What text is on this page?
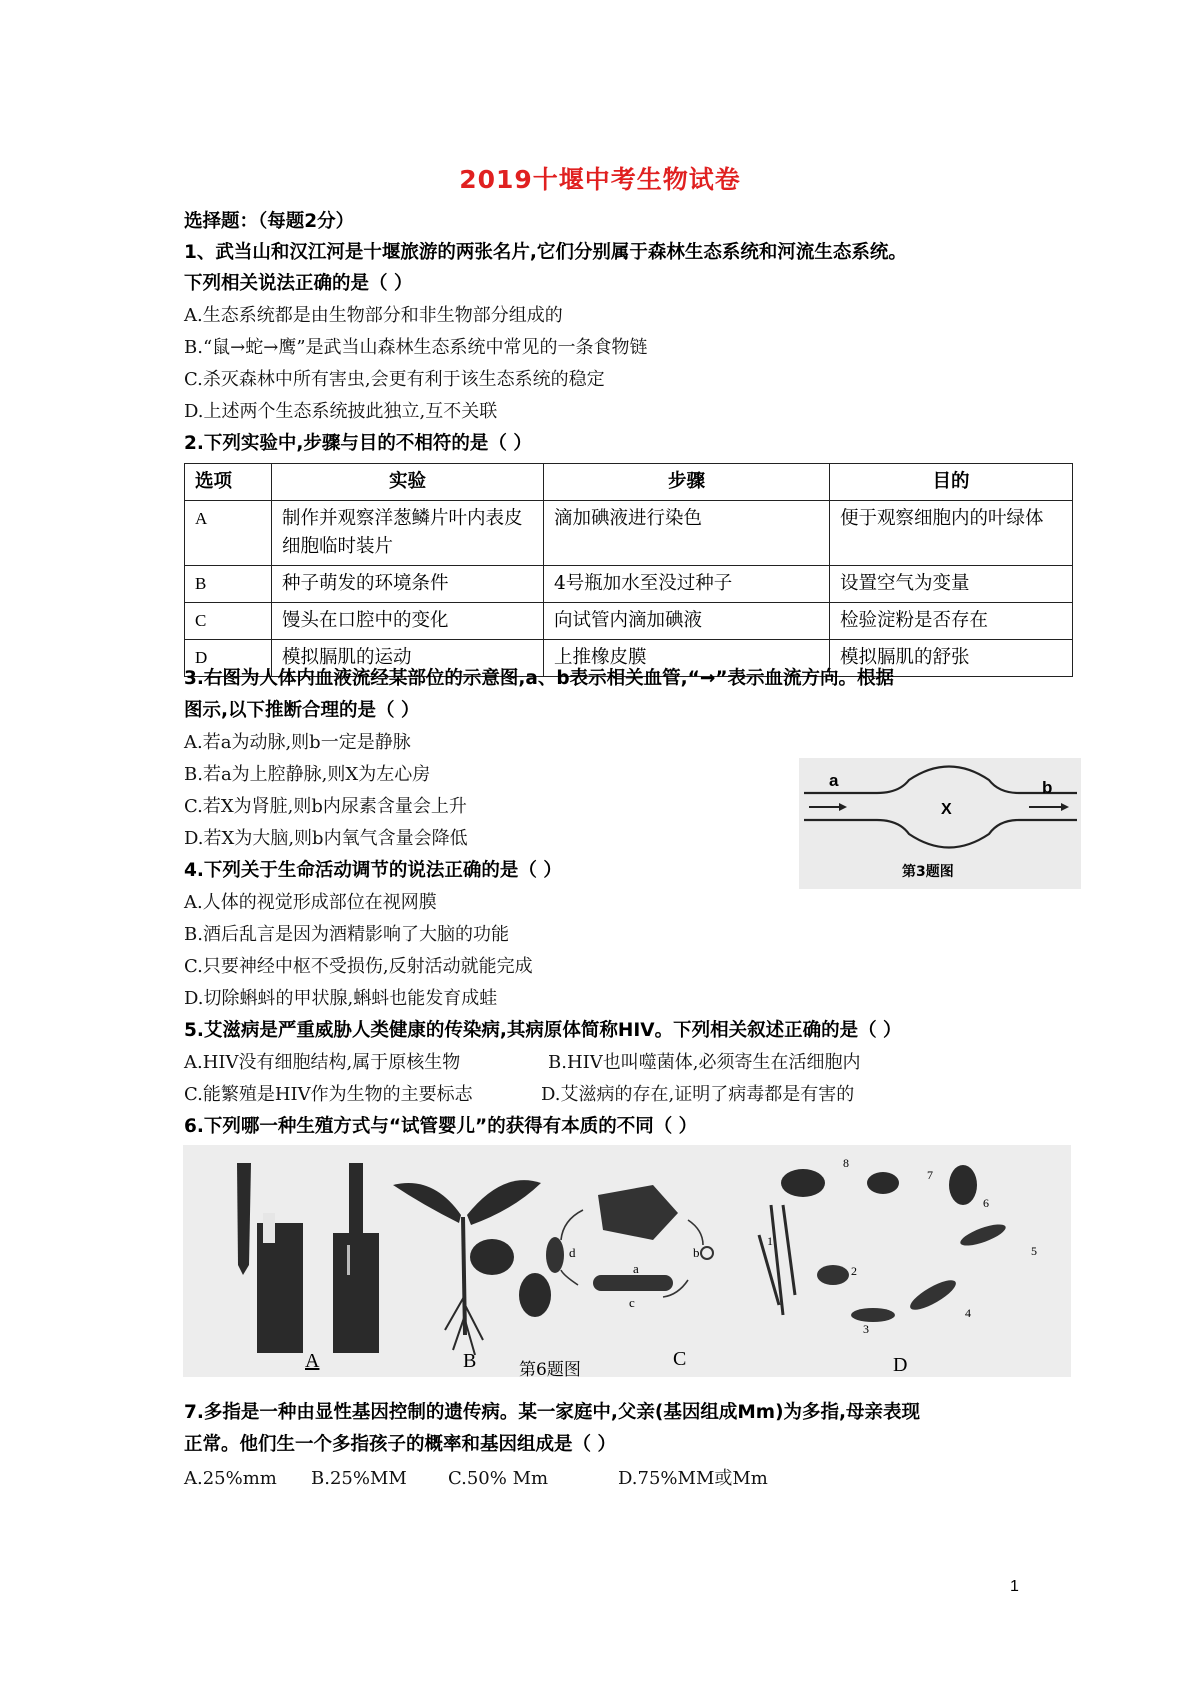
2019十堰中考生物试卷
选择题：（每题2分）
1、武当山和汉江河是十堰旅游的两张名片,它们分别属于森林生态系统和河流生态系统。
下列相关说法正确的是（ ）
A.生态系统都是由生物部分和非生物部分组成的
B.“鼠→蛇→鹰”是武当山森林生态系统中常见的一条食物链
C.杀灭森林中所有害虫,会更有利于该生态系统的稳定
D.上述两个生态系统披此独立,互不关联
2.下列实验中,步骤与目的不相符的是（ ）
选项	实验	步骤	目的
A	制作并观察洋葱鳞片叶内表皮细胞临时装片	滴加碘液进行染色	便于观察细胞内的叶绿体
B	种子萌发的环境条件	4号瓶加水至没过种子	设置空气为变量
C	馒头在口腔中的变化	向试管内滴加碘液	检验淀粉是否存在
D	模拟膈肌的运动	上推橡皮膜	模拟膈肌的舒张
3.右图为人体内血液流经某部位的示意图,a、b表示相关血管,“→”表示血流方向。根据
图示,以下推断合理的是（ ）
A.若a为动脉,则b一定是静脉
B.若a为上腔静脉,则X为左心房
C.若X为肾脏,则b内尿素含量会上升
D.若X为大脑,则b内氧气含量会降低
a	b
X
第3题图
4.下列关于生命活动调节的说法正确的是（ ）
A.人体的视觉形成部位在视网膜
B.酒后乱言是因为酒精影响了大脑的功能
C.只要神经中枢不受损伤,反射活动就能完成
D.切除蝌蚪的甲状腺,蝌蚪也能发育成蛙
5.艾滋病是严重威胁人类健康的传染病,其病原体简称HIV。下列相关叙述正确的是（ ）
A.HIV没有细胞结构,属于原核生物	B.HIV也叫噬菌体,必须寄生在活细胞内
C.能繁殖是HIV作为生物的主要标志	D.艾滋病的存在,证明了病毒都是有害的
6.下列哪一种生殖方式与“试管婴儿”的获得有本质的不同（ ）
a
b
c
d
1
2
3
4
5
6
7
8
A	B	C	D
第6题图
7.多指是一种由显性基因控制的遗传病。某一家庭中,父亲(基因组成Mm)为多指,母亲表现
正常。他们生一个多指孩子的概率和基因组成是（ ）
A.25%mm B.25%MM C.50% Mm	D.75%MM或Mm
1
